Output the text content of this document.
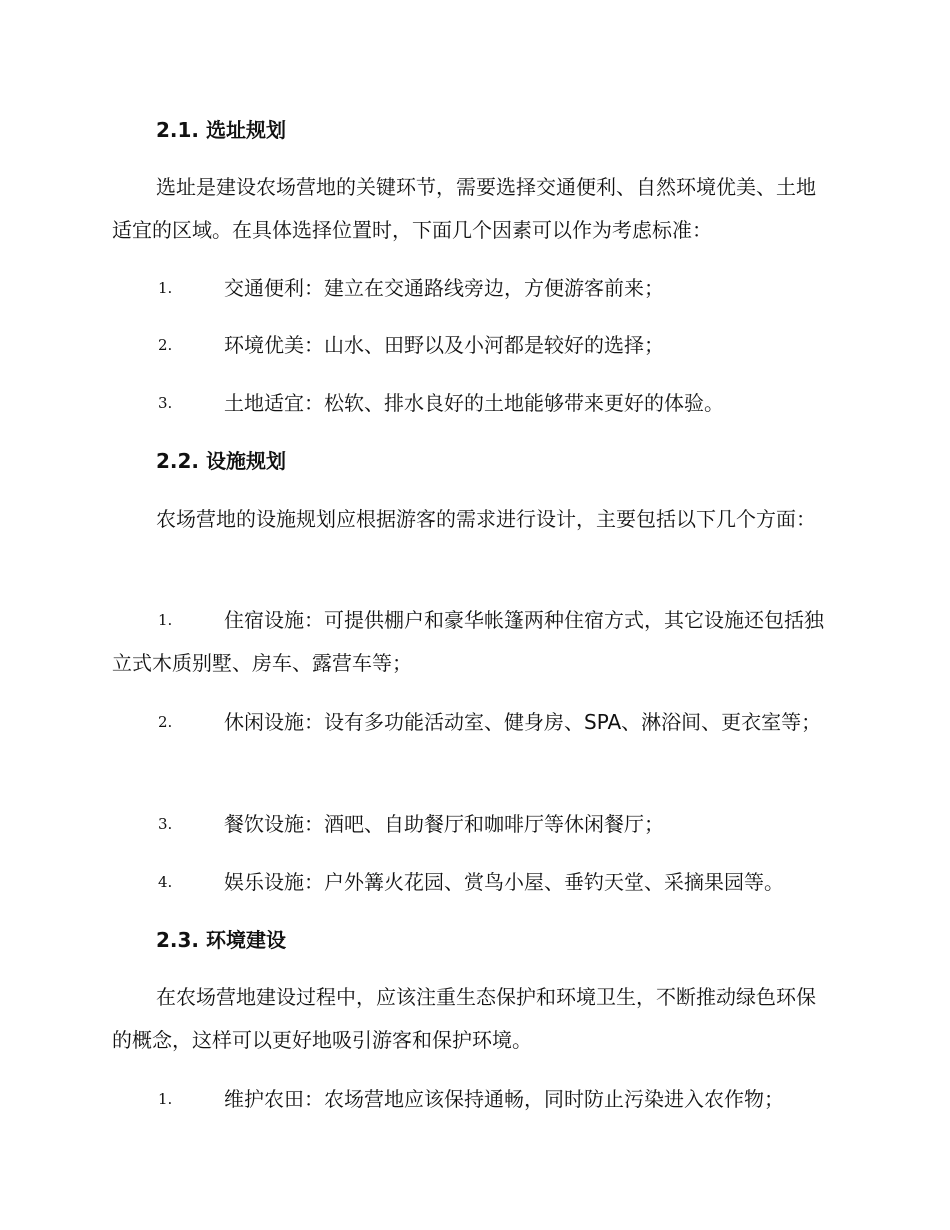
2.1. 选址规划

选址是建设农场营地的关键环节，需要选择交通便利、自然环境优美、土地适宜的区域。在具体选择位置时，下面几个因素可以作为考虑标准：

1.	交通便利：建立在交通路线旁边，方便游客前来；
2.	环境优美：山水、田野以及小河都是较好的选择；
3.	土地适宜：松软、排水良好的土地能够带来更好的体验。
2.2. 设施规划

农场营地的设施规划应根据游客的需求进行设计，主要包括以下几个方面：

1.	住宿设施：可提供棚户和豪华帐篷两种住宿方式，其它设施还包括独立式木质别墅、房车、露营车等；
2.	休闲设施：设有多功能活动室、健身房、SPA、淋浴间、更衣室等；
3.	餐饮设施：酒吧、自助餐厅和咖啡厅等休闲餐厅；
4.	娱乐设施：户外篝火花园、赏鸟小屋、垂钓天堂、采摘果园等。
2.3. 环境建设

在农场营地建设过程中，应该注重生态保护和环境卫生，不断推动绿色环保的概念，这样可以更好地吸引游客和保护环境。

1.	维护农田：农场营地应该保持通畅，同时防止污染进入农作物；
